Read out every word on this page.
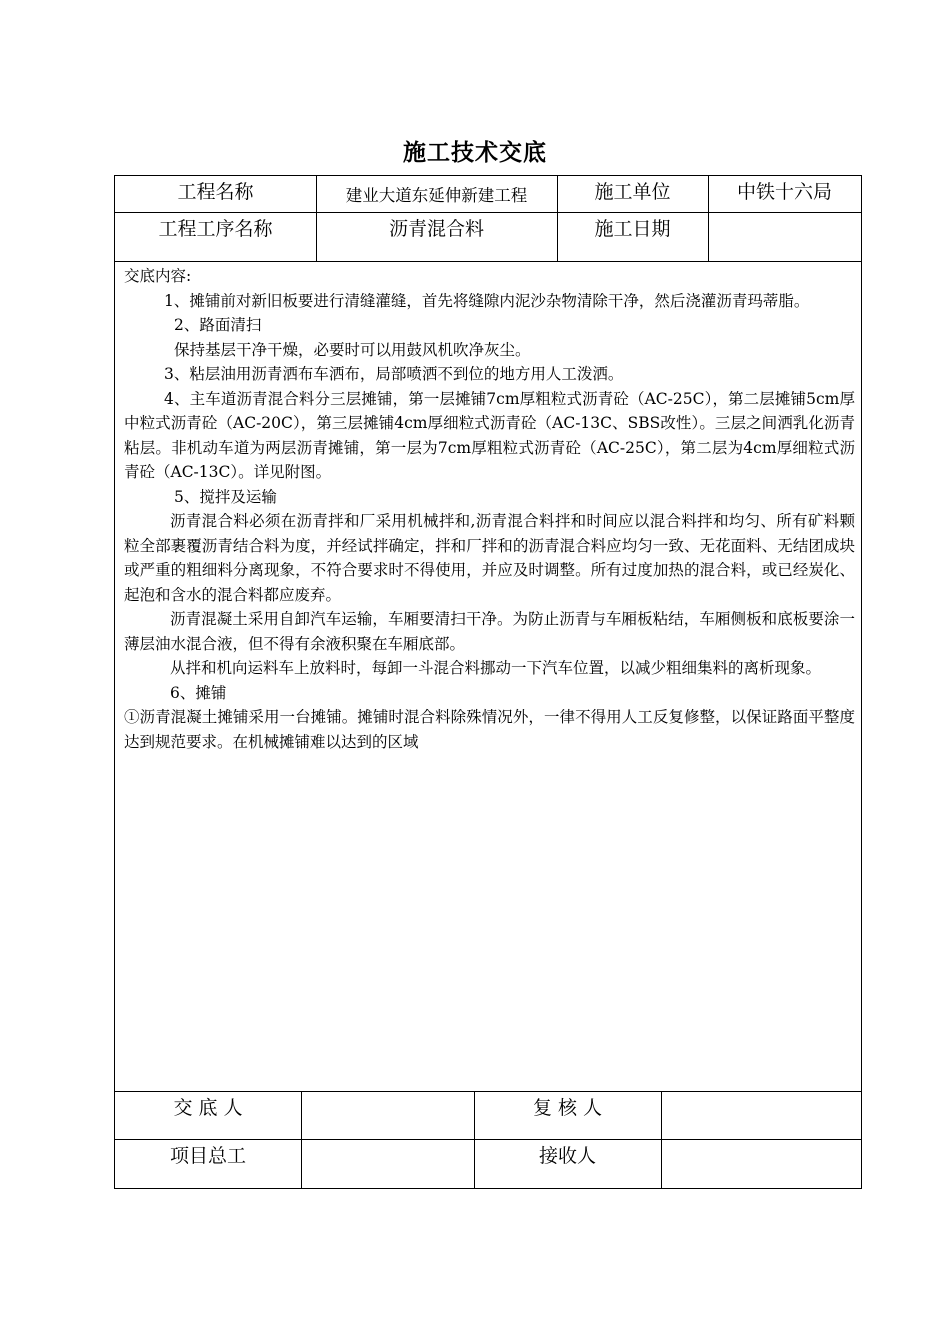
施工技术交底
工程名称	建业大道东延伸新建工程	施工单位	中铁十六局
工程工序名称	沥青混合料	施工日期

交底内容:

1、摊铺前对新旧板要进行清缝灌缝，首先将缝隙内泥沙杂物清除干净，然后浇灌沥青玛蒂脂。

2、路面清扫

保持基层干净干燥，必要时可以用鼓风机吹净灰尘。

3、粘层油用沥青洒布车洒布，局部喷洒不到位的地方用人工泼洒。

4、主车道沥青混合料分三层摊铺，第一层摊铺7cm厚粗粒式沥青砼（AC-25C），第二层摊铺5cm厚中粒式沥青砼（AC-20C），第三层摊铺4cm厚细粒式沥青砼（AC-13C、SBS改性）。三层之间洒乳化沥青粘层。非机动车道为两层沥青摊铺，第一层为7cm厚粗粒式沥青砼（AC-25C），第二层为4cm厚细粒式沥青砼（AC-13C）。详见附图。

5、搅拌及运输

沥青混合料必须在沥青拌和厂采用机械拌和,沥青混合料拌和时间应以混合料拌和均匀、所有矿料颗粒全部裹覆沥青结合料为度，并经试拌确定，拌和厂拌和的沥青混合料应均匀一致、无花面料、无结团成块或严重的粗细料分离现象，不符合要求时不得使用，并应及时调整。所有过度加热的混合料，或已经炭化、起泡和含水的混合料都应废弃。

沥青混凝土采用自卸汽车运输，车厢要清扫干净。为防止沥青与车厢板粘结，车厢侧板和底板要涂一薄层油水混合液，但不得有余液积聚在车厢底部。

从拌和机向运料车上放料时，每卸一斗混合料挪动一下汽车位置，以减少粗细集料的离析现象。

6、摊铺

①沥青混凝土摊铺采用一台摊铺。摊铺时混合料除殊情况外，一律不得用人工反复修整，以保证路面平整度达到规范要求。在机械摊铺难以达到的区域

交 底 人	复 核 人
项目总工	接收人
